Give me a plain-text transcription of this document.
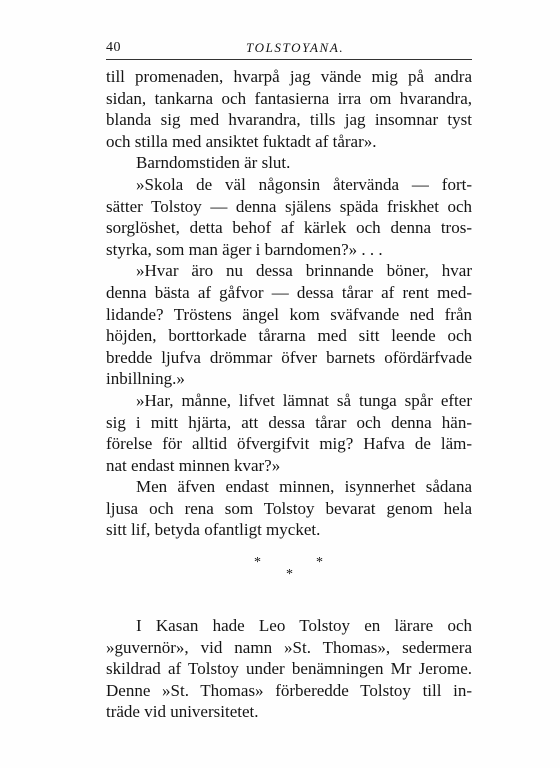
40	TOLSTOYANA.
till promenaden, hvarpå jag vände mig på andra
sidan, tankarna och fantasierna irra om hvarandra,
blanda sig med hvarandra, tills jag insomnar tyst
och stilla med ansiktet fuktadt af tårar».
Barndomstiden är slut.
»Skola de väl någonsin återvända — fort-
sätter Tolstoy — denna själens späda friskhet och
sorglöshet, detta behof af kärlek och denna tros-
styrka, som man äger i barndomen?» . . .
»Hvar äro nu dessa brinnande böner, hvar
denna bästa af gåfvor — dessa tårar af rent med-
lidande? Tröstens ängel kom sväfvande ned från
höjden, borttorkade tårarna med sitt leende och
bredde ljufva drömmar öfver barnets ofördärfvade
inbillning.»
»Har, månne, lifvet lämnat så tunga spår efter
sig i mitt hjärta, att dessa tårar och denna hän-
förelse för alltid öfvergifvit mig? Hafva de läm-
nat endast minnen kvar?»
Men äfven endast minnen, isynnerhet sådana
ljusa och rena som Tolstoy bevarat genom hela
sitt lif, betyda ofantligt mycket.
*
*
*
I Kasan hade Leo Tolstoy en lärare och
»guvernör», vid namn »St. Thomas», sedermera
skildrad af Tolstoy under benämningen Mr Jerome.
Denne »St. Thomas» förberedde Tolstoy till in-
träde vid universitetet.
